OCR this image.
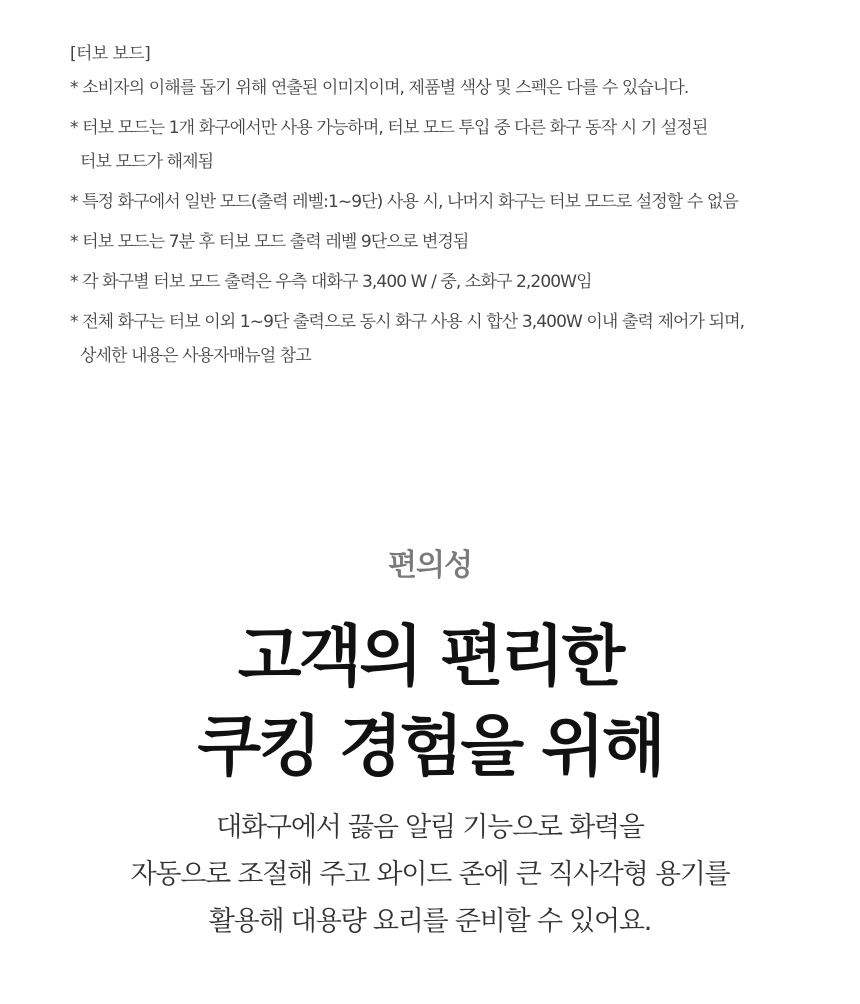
[터보 보드]
* 소비자의 이해를 돕기 위해 연출된 이미지이며, 제품별 색상 및 스펙은 다를 수 있습니다.
* 터보 모드는 1개 화구에서만 사용 가능하며, 터보 모드 투입 중 다른 화구 동작 시 기 설정된
터보 모드가 해제됨
* 특정 화구에서 일반 모드(출력 레벨:1~9단) 사용 시, 나머지 화구는 터보 모드로 설정할 수 없음
* 터보 모드는 7분 후 터보 모드 출력 레벨 9단으로 변경됨
* 각 화구별 터보 모드 출력은 우측 대화구 3,400 W / 중, 소화구 2,200W임
* 전체 화구는 터보 이외 1~9단 출력으로 동시 화구 사용 시 합산 3,400W 이내 출력 제어가 되며,
상세한 내용은 사용자매뉴얼 참고
편의성
고객의 편리한
쿠킹 경험을 위해
대화구에서 끓음 알림 기능으로 화력을
자동으로 조절해 주고 와이드 존에 큰 직사각형 용기를
활용해 대용량 요리를 준비할 수 있어요.
